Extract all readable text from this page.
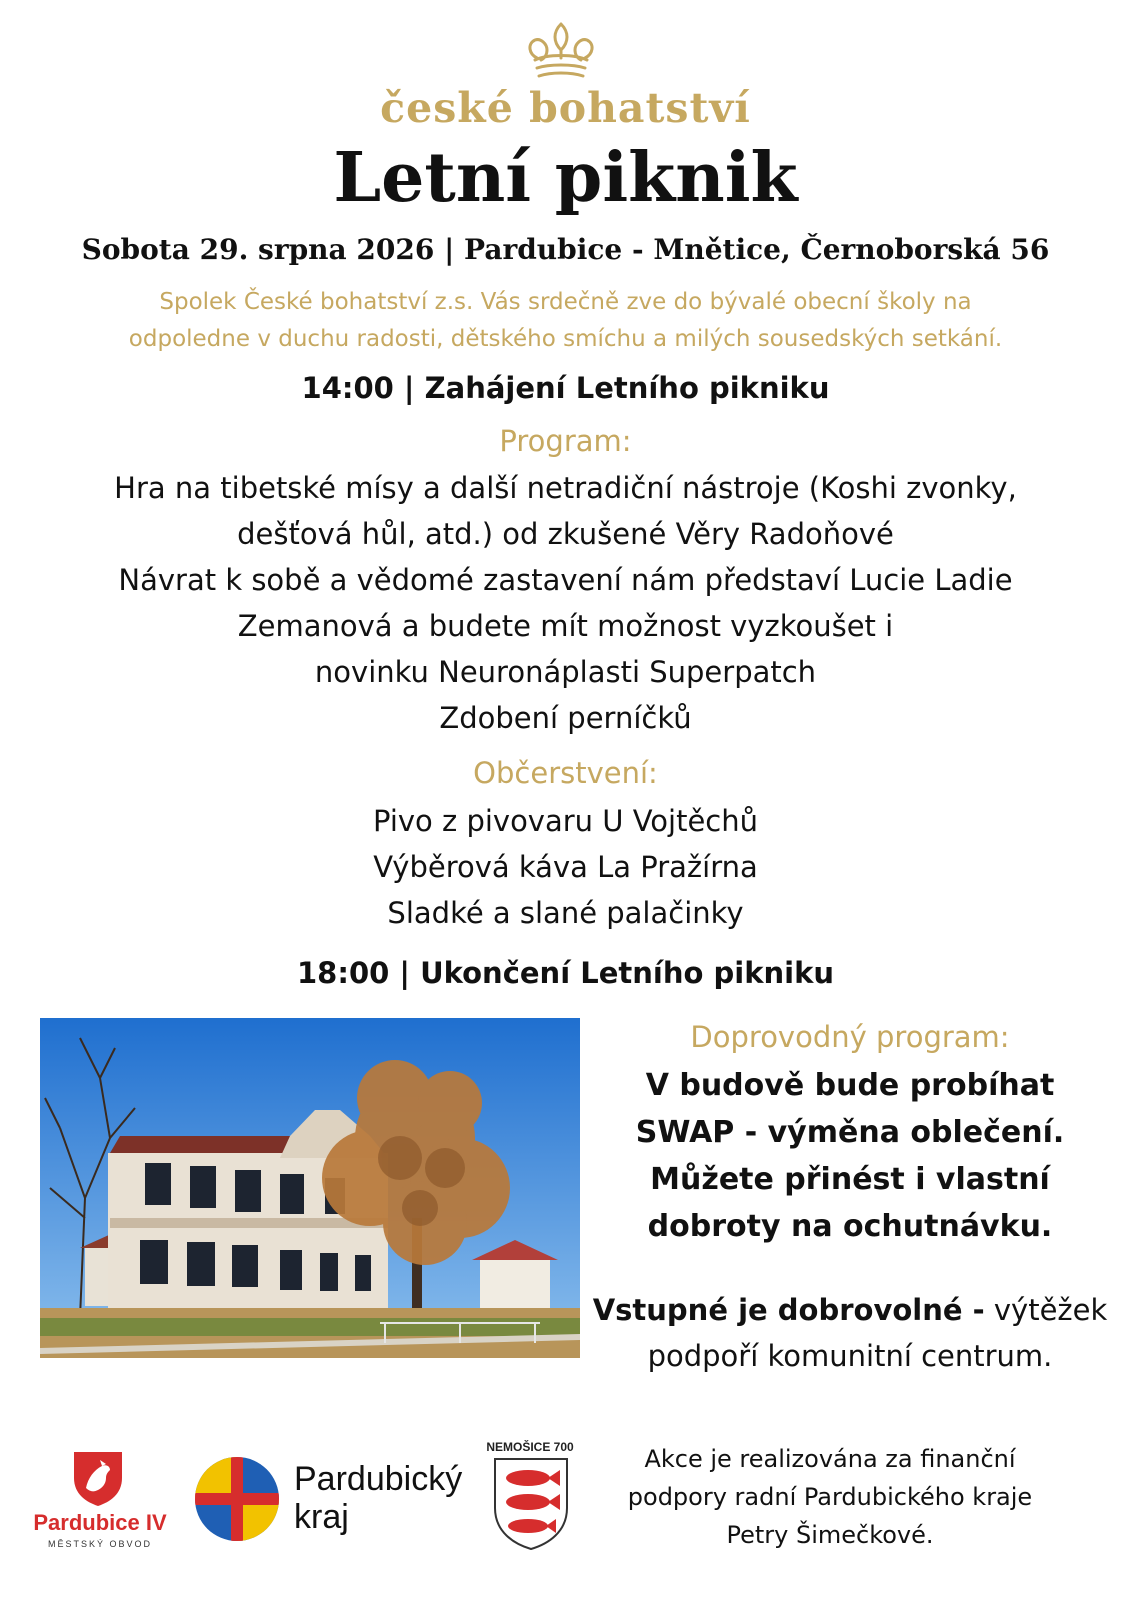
české bohatství
Letní piknik
Sobota 29. srpna 2026 | Pardubice - Mnětice, Černoborská 56
Spolek České bohatství z.s. Vás srdečně zve do bývalé obecní školy na
odpoledne v duchu radosti, dětského smíchu a milých sousedských setkání.
14:00 | Zahájení Letního pikniku
Program:
Hra na tibetské mísy a další netradiční nástroje (Koshi zvonky,
dešťová hůl, atd.) od zkušené Věry Radoňové
Návrat k sobě a vědomé zastavení nám představí Lucie Ladie
Zemanová a budete mít možnost vyzkoušet i
novinku Neuronáplasti Superpatch
Zdobení perníčků
Občerstvení:
Pivo z pivovaru U Vojtěchů
Výběrová káva La Pražírna
Sladké a slané palačinky
18:00 | Ukončení Letního pikniku
Doprovodný program:
V budově bude probíhat
SWAP - výměna oblečení.
Můžete přinést i vlastní
dobroty na ochutnávku.
Vstupné je dobrovolné - výtěžek
podpoří komunitní centrum.
Pardubice IV
MĚSTSKÝ OBVOD
Pardubický
kraj
NEMOŠICE 700	Akce je realizována za finanční
podpory radní Pardubického kraje
Petry Šimečkové.
